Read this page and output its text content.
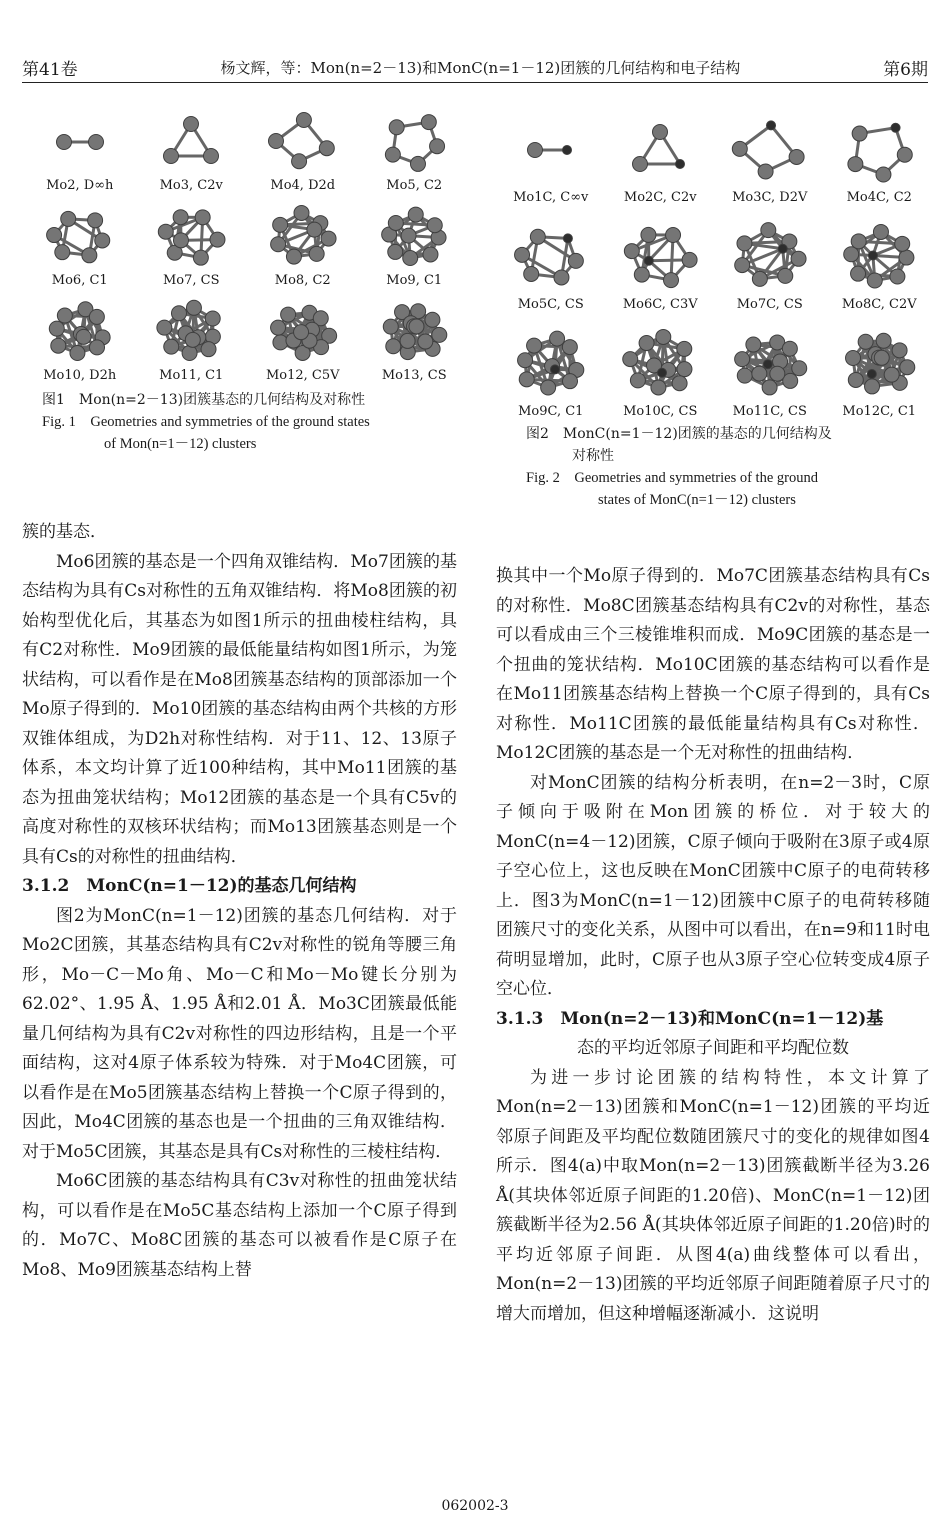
第41卷	杨文辉，等：Mon(n=2－13)和MonC(n=1－12)团簇的几何结构和电子结构	第6期
Mo2, D∞h	Mo3, C2v	Mo4, D2d	Mo5, C2
Mo6, C1	Mo7, CS	Mo8, C2	Mo9, C1
Mo10, D2h	Mo11, C1	Mo12, C5V	Mo13, CS

图1　Mon(n=2－13)团簇基态的几何结构及对称性

Fig. 1　Geometries and symmetries of the ground states

of Mon(n=1－12) clusters

Mo1C, C∞v	Mo2C, C2v	Mo3C, D2V	Mo4C, C2
Mo5C, CS	Mo6C, C3V	Mo7C, CS	Mo8C, C2V
Mo9C, C1	Mo10C, CS	Mo11C, CS	Mo12C, C1

图2　MonC(n=1－12)团簇的基态的几何结构及

对称性

Fig. 2　Geometries and symmetries of the ground

states of MonC(n=1－12) clusters

簇的基态．

Mo6团簇的基态是一个四角双锥结构．Mo7团簇的基态结构为具有Cs对称性的五角双锥结构．将Mo8团簇的初始构型优化后，其基态为如图1所示的扭曲棱柱结构，具有C2对称性．Mo9团簇的最低能量结构如图1所示，为笼状结构，可以看作是在Mo8团簇基态结构的顶部添加一个Mo原子得到的．Mo10团簇的基态结构由两个共核的方形双锥体组成，为D2h对称性结构．对于11、12、13原子体系，本文均计算了近100种结构，其中Mo11团簇的基态为扭曲笼状结构；Mo12团簇的基态是一个具有C5v的高度对称性的双核环状结构；而Mo13团簇基态则是一个具有Cs的对称性的扭曲结构．

3.1.2　MonC(n=1－12)的基态几何结构

图2为MonC(n=1－12)团簇的基态几何结构．对于Mo2C团簇，其基态结构具有C2v对称性的锐角等腰三角形，Mo－C－Mo角、Mo－C和Mo－Mo键长分别为62.02°、1.95 Å、1.95 Å和2.01 Å．Mo3C团簇最低能量几何结构为具有C2v对称性的四边形结构，且是一个平面结构，这对4原子体系较为特殊．对于Mo4C团簇，可以看作是在Mo5团簇基态结构上替换一个C原子得到的，因此，Mo4C团簇的基态也是一个扭曲的三角双锥结构．对于Mo5C团簇，其基态是具有Cs对称性的三棱柱结构．

Mo6C团簇的基态结构具有C3v对称性的扭曲笼状结构，可以看作是在Mo5C基态结构上添加一个C原子得到的．Mo7C、Mo8C团簇的基态可以被看作是C原子在Mo8、Mo9团簇基态结构上替

换其中一个Mo原子得到的．Mo7C团簇基态结构具有Cs的对称性．Mo8C团簇基态结构具有C2v的对称性，基态可以看成由三个三棱锥堆积而成．Mo9C团簇的基态是一个扭曲的笼状结构．Mo10C团簇的基态结构可以看作是在Mo11团簇基态结构上替换一个C原子得到的，具有Cs对称性．Mo11C团簇的最低能量结构具有Cs对称性．Mo12C团簇的基态是一个无对称性的扭曲结构．

对MonC团簇的结构分析表明，在n=2－3时，C原子倾向于吸附在Mon团簇的桥位．对于较大的MonC(n=4－12)团簇，C原子倾向于吸附在3原子或4原子空心位上，这也反映在MonC团簇中C原子的电荷转移上．图3为MonC(n=1－12)团簇中C原子的电荷转移随团簇尺寸的变化关系，从图中可以看出，在n=9和11时电荷明显增加，此时，C原子也从3原子空心位转变成4原子空心位．

3.1.3　Mon(n=2－13)和MonC(n=1－12)基

态的平均近邻原子间距和平均配位数

为进一步讨论团簇的结构特性，本文计算了Mon(n=2－13)团簇和MonC(n=1－12)团簇的平均近邻原子间距及平均配位数随团簇尺寸的变化的规律如图4所示．图4(a)中取Mon(n=2－13)团簇截断半径为3.26 Å(其块体邻近原子间距的1.20倍)、MonC(n=1－12)团簇截断半径为2.56 Å(其块体邻近原子间距的1.20倍)时的平均近邻原子间距．从图4(a)曲线整体可以看出，Mon(n=2－13)团簇的平均近邻原子间距随着原子尺寸的增大而增加，但这种增幅逐渐减小．这说明

062002-3
